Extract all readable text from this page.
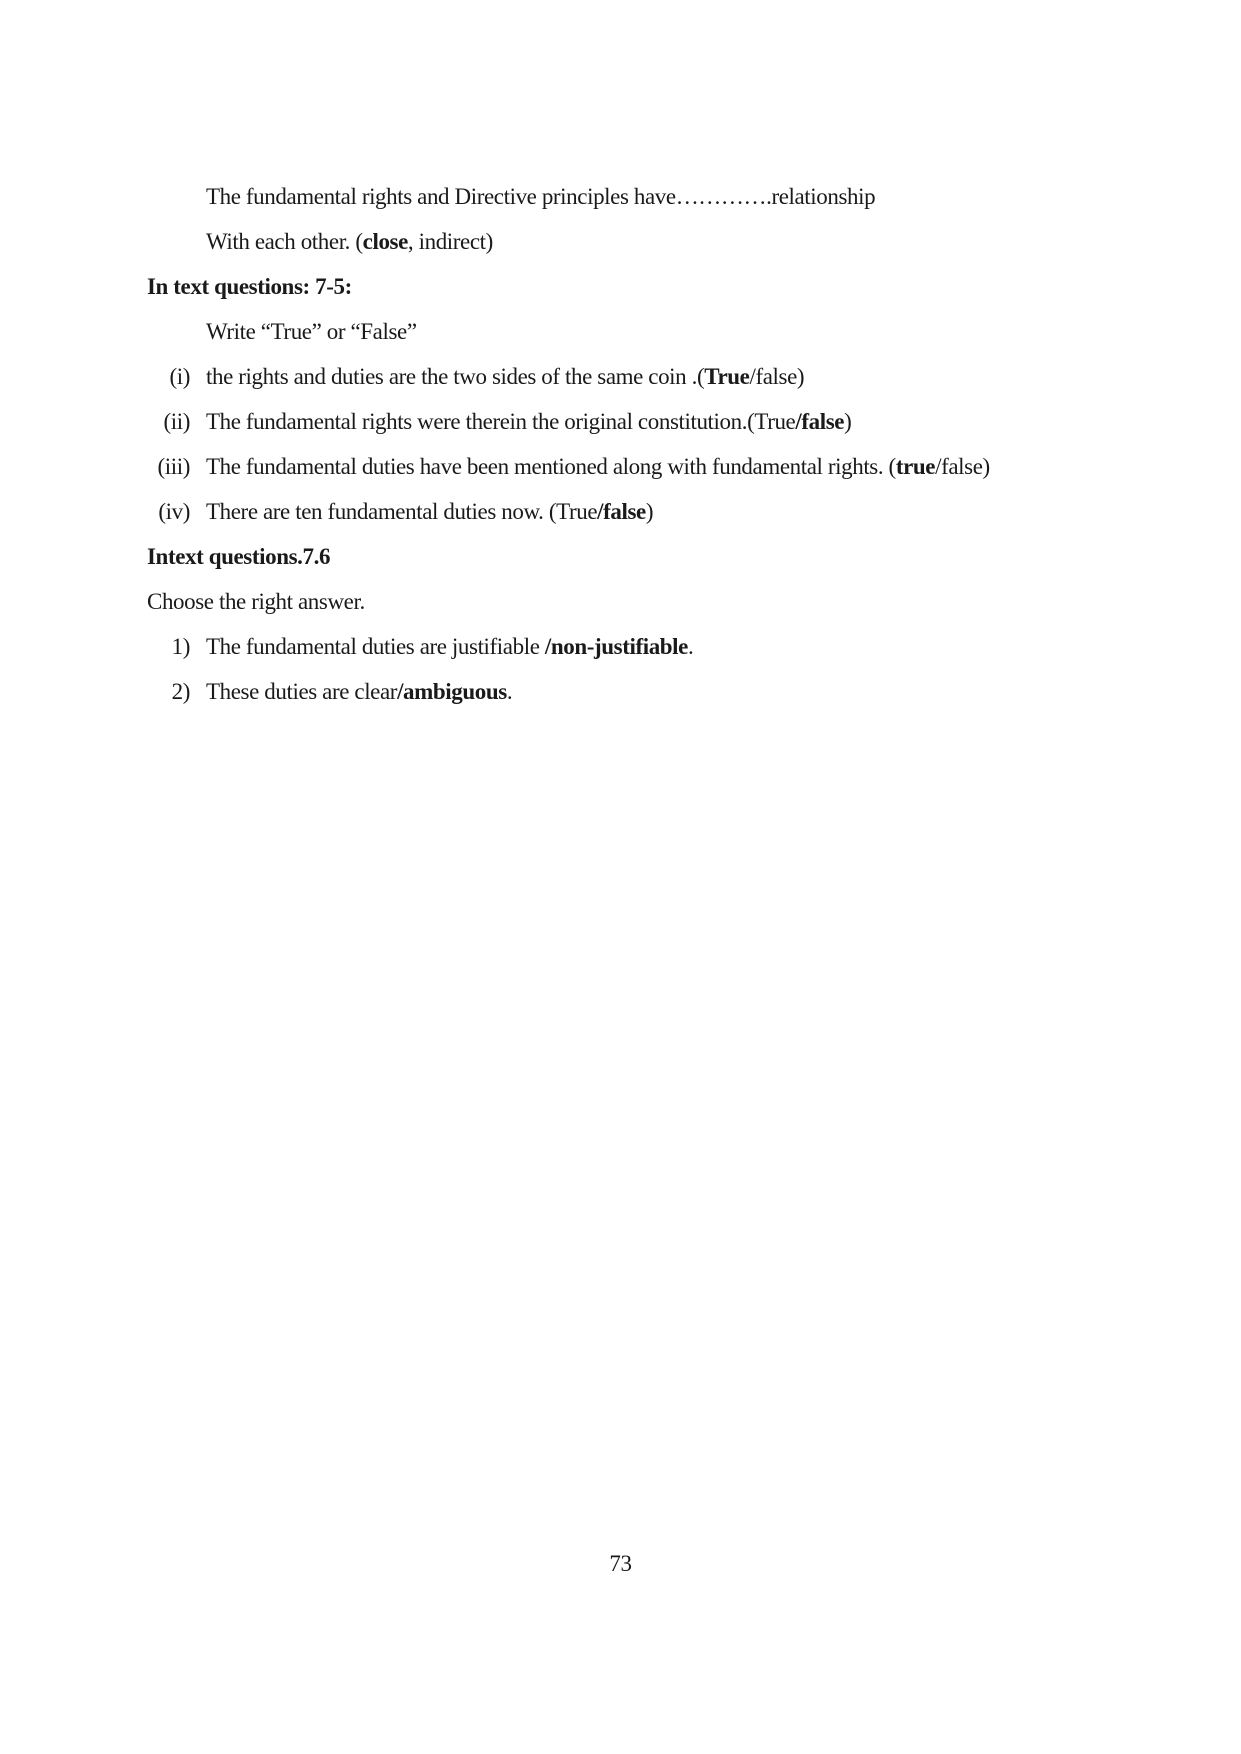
The fundamental rights and Directive principles have………….relationship
With each other. (close, indirect)
In text questions: 7-5:
Write “True” or “False”
(i) the rights and duties are the two sides of the same coin .(True/false)
(ii) The fundamental rights were therein the original constitution.(True/false)
(iii) The fundamental duties have been mentioned along with fundamental rights. (true/false)
(iv) There are ten fundamental duties now. (True/false)
Intext questions.7.6
Choose the right answer.
1) The fundamental duties are justifiable /non-justifiable.
2) These duties are clear/ambiguous.
73
